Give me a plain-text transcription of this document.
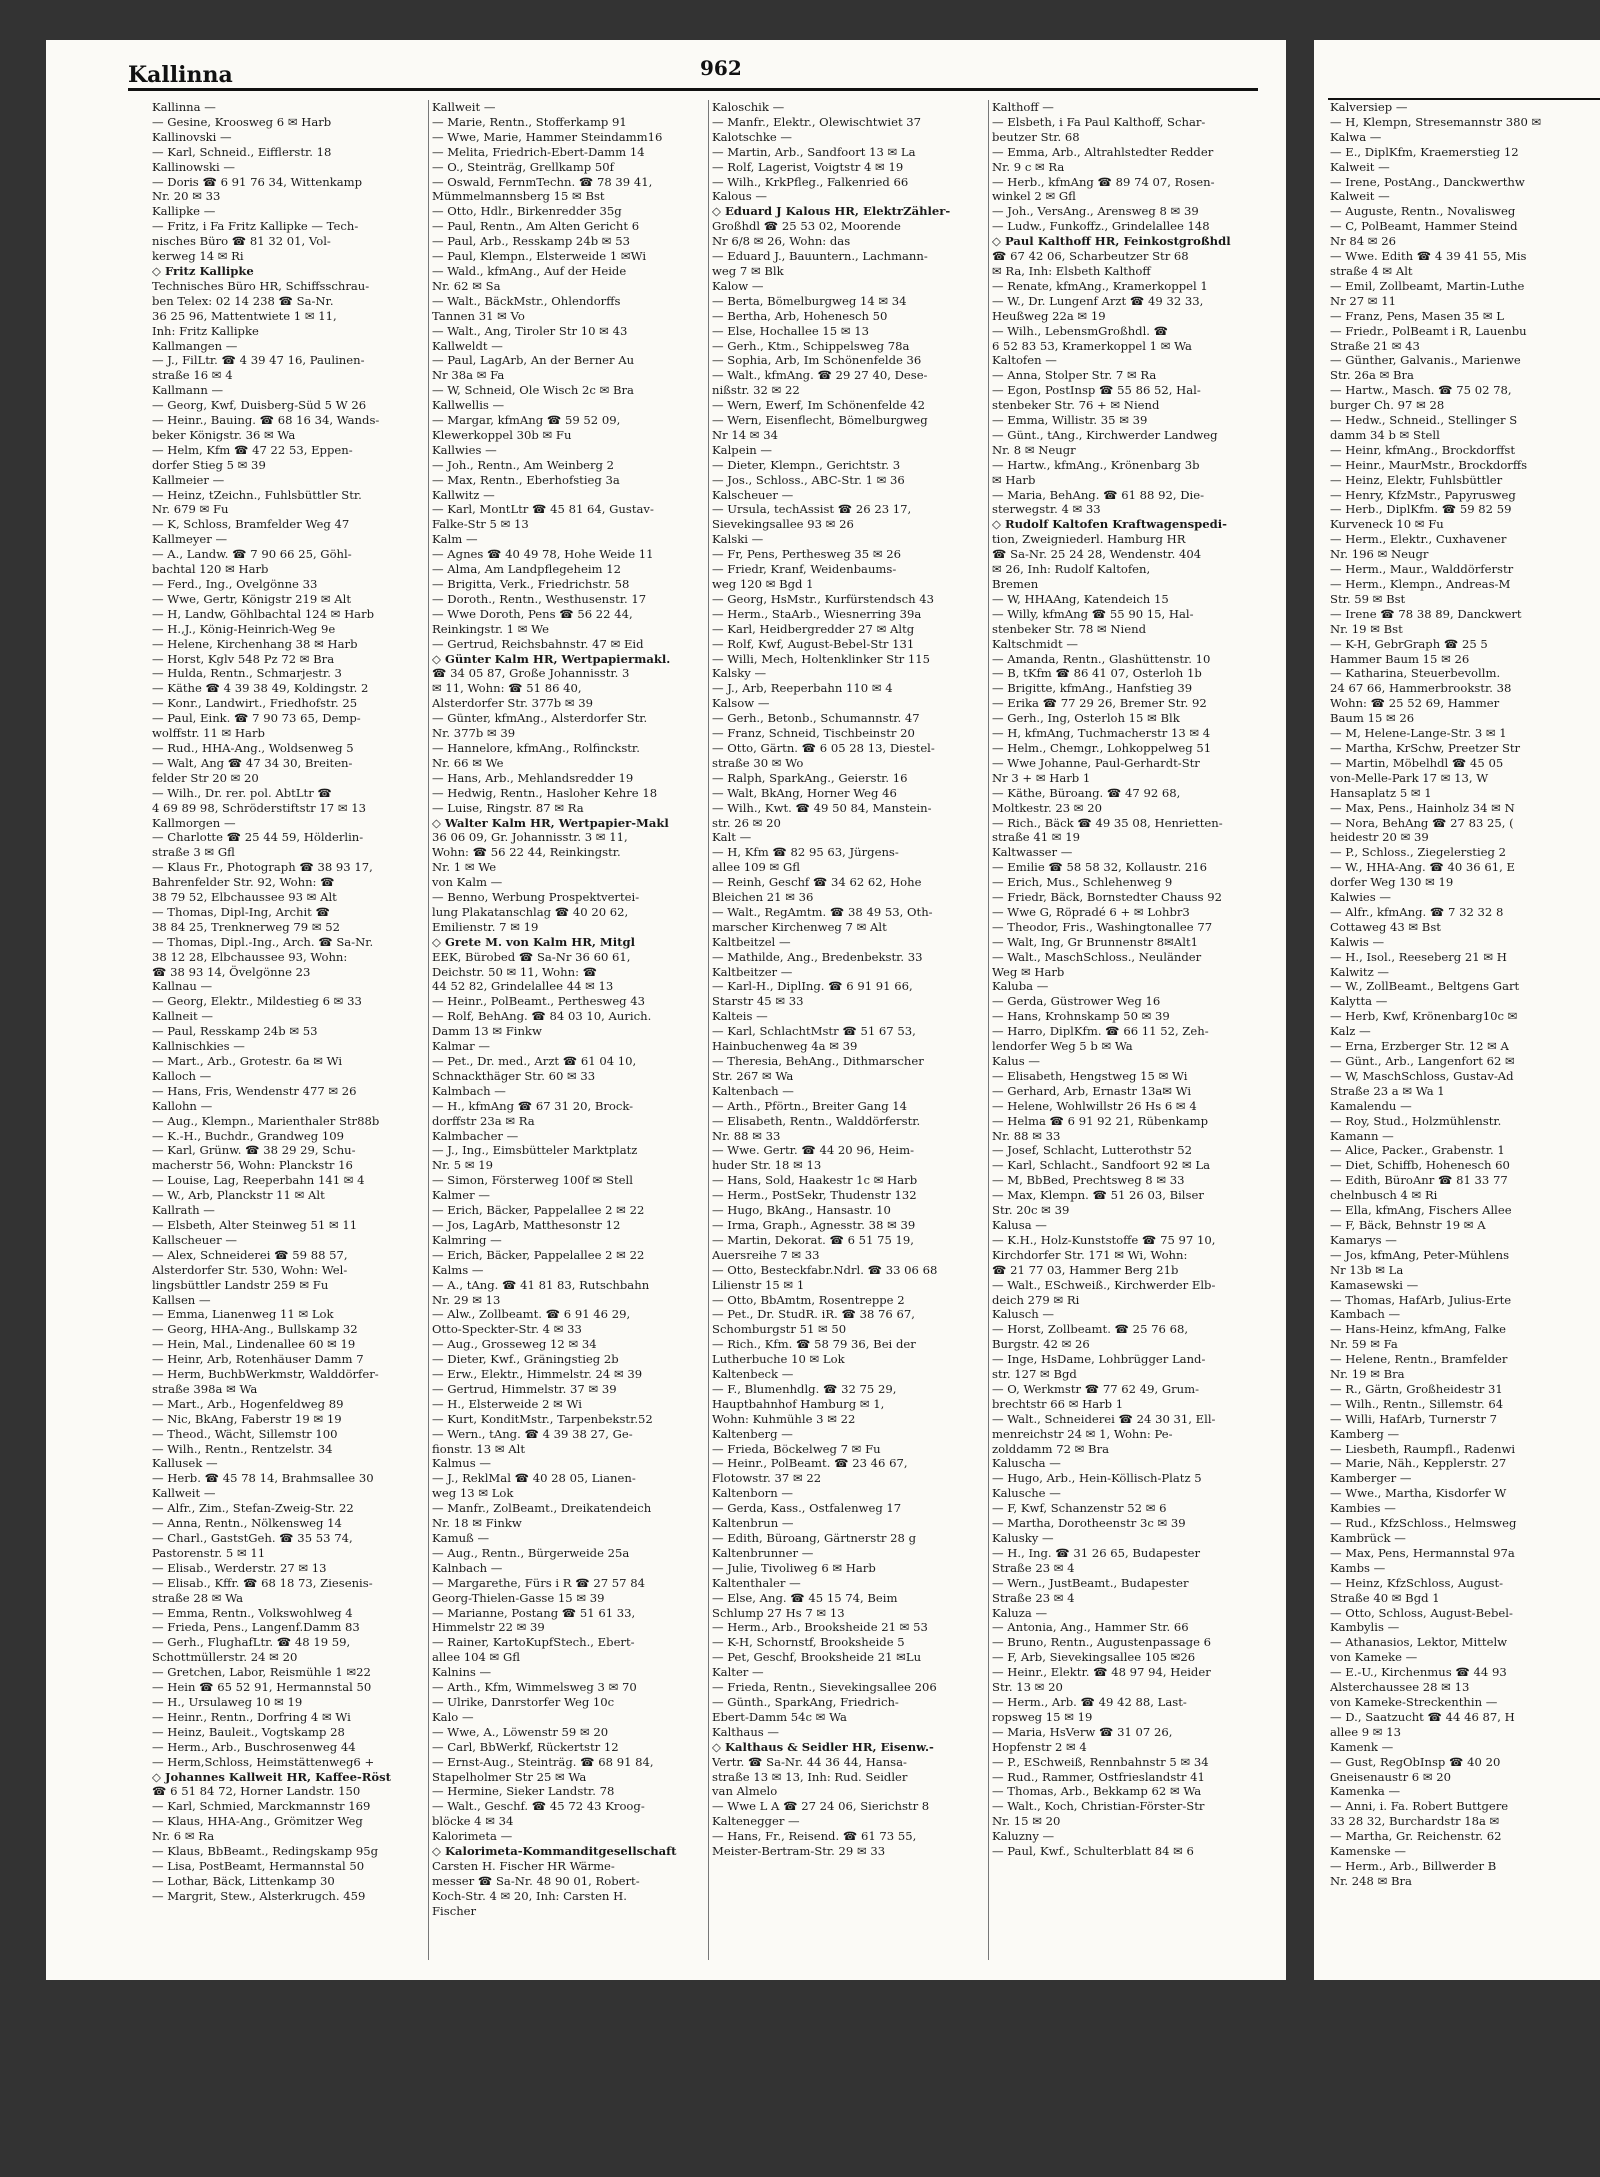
Kallinna	962
Kallinna —
— Gesine, Kroosweg 6 ✉ Harb
Kallinovski —
— Karl, Schneid., Eifflerstr. 18
Kallinowski —
— Doris ☎ 6 91 76 34, Wittenkamp
Nr. 20 ✉ 33
Kallipke —
— Fritz, i Fa Fritz Kallipke — Tech-
nisches Büro ☎ 81 32 01, Vol-
kerweg 14 ✉ Ri
◇ Fritz Kallipke
Technisches Büro HR, Schiffsschrau-
ben Telex: 02 14 238 ☎ Sa-Nr.
36 25 96, Mattentwiete 1 ✉ 11,
Inh: Fritz Kallipke
Kallmangen —
— J., FilLtr. ☎ 4 39 47 16, Paulinen-
straße 16 ✉ 4
Kallmann —
— Georg, Kwf, Duisberg-Süd 5 W 26
— Heinr., Bauing. ☎ 68 16 34, Wands-
beker Königstr. 36 ✉ Wa
— Helm, Kfm ☎ 47 22 53, Eppen-
dorfer Stieg 5 ✉ 39
Kallmeier —
— Heinz, tZeichn., Fuhlsbüttler Str.
Nr. 679 ✉ Fu
— K, Schloss, Bramfelder Weg 47
Kallmeyer —
— A., Landw. ☎ 7 90 66 25, Göhl-
bachtal 120 ✉ Harb
— Ferd., Ing., Ovelgönne 33
— Wwe, Gertr, Königstr 219 ✉ Alt
— H, Landw, Göhlbachtal 124 ✉ Harb
— H.,J., König-Heinrich-Weg 9e
— Helene, Kirchenhang 38 ✉ Harb
— Horst, Kglv 548 Pz 72 ✉ Bra
— Hulda, Rentn., Schmarjestr. 3
— Käthe ☎ 4 39 38 49, Koldingstr. 2
— Konr., Landwirt., Friedhofstr. 25
— Paul, Eink. ☎ 7 90 73 65, Demp-
wolffstr. 11 ✉ Harb
— Rud., HHA-Ang., Woldsenweg 5
— Walt, Ang ☎ 47 34 30, Breiten-
felder Str 20 ✉ 20
— Wilh., Dr. rer. pol. AbtLtr ☎
4 69 89 98, Schröderstiftstr 17 ✉ 13
Kallmorgen —
— Charlotte ☎ 25 44 59, Hölderlin-
straße 3 ✉ Gfl
— Klaus Fr., Photograph ☎ 38 93 17,
Bahrenfelder Str. 92, Wohn: ☎
38 79 52, Elbchaussee 93 ✉ Alt
— Thomas, Dipl-Ing, Archit ☎
38 84 25, Trenknerweg 79 ✉ 52
— Thomas, Dipl.-Ing., Arch. ☎ Sa-Nr.
38 12 28, Elbchaussee 93, Wohn:
☎ 38 93 14, Övelgönne 23
Kallnau —
— Georg, Elektr., Mildestieg 6 ✉ 33
Kallneit —
— Paul, Resskamp 24b ✉ 53
Kallnischkies —
— Mart., Arb., Grotestr. 6a ✉ Wi
Kalloch —
— Hans, Fris, Wendenstr 477 ✉ 26
Kallohn —
— Aug., Klempn., Marienthaler Str88b
— K.-H., Buchdr., Grandweg 109
— Karl, Grünw. ☎ 38 29 29, Schu-
macherstr 56, Wohn: Planckstr 16
— Louise, Lag, Reeperbahn 141 ✉ 4
— W., Arb, Planckstr 11 ✉ Alt
Kallrath —
— Elsbeth, Alter Steinweg 51 ✉ 11
Kallscheuer —
— Alex, Schneiderei ☎ 59 88 57,
Alsterdorfer Str. 530, Wohn: Wel-
lingsbüttler Landstr 259 ✉ Fu
Kallsen —
— Emma, Lianenweg 11 ✉ Lok
— Georg, HHA-Ang., Bullskamp 32
— Hein, Mal., Lindenallee 60 ✉ 19
— Heinr, Arb, Rotenhäuser Damm 7
— Herm, BuchbWerkmstr, Walddörfer-
straße 398a ✉ Wa
— Mart., Arb., Hogenfeldweg 89
— Nic, BkAng, Faberstr 19 ✉ 19
— Theod., Wächt, Sillemstr 100
— Wilh., Rentn., Rentzelstr. 34
Kallusek —
— Herb. ☎ 45 78 14, Brahmsallee 30
Kallweit —
— Alfr., Zim., Stefan-Zweig-Str. 22
— Anna, Rentn., Nölkensweg 14
— Charl., GaststGeh. ☎ 35 53 74,
Pastorenstr. 5 ✉ 11
— Elisab., Werderstr. 27 ✉ 13
— Elisab., Kffr. ☎ 68 18 73, Ziesenis-
straße 28 ✉ Wa
— Emma, Rentn., Volkswohlweg 4
— Frieda, Pens., Langenf.Damm 83
— Gerh., FlughafLtr. ☎ 48 19 59,
Schottmüllerstr. 24 ✉ 20
— Gretchen, Labor, Reismühle 1 ✉22
— Hein ☎ 65 52 91, Hermannstal 50
— H., Ursulaweg 10 ✉ 19
— Heinr., Rentn., Dorfring 4 ✉ Wi
— Heinz, Bauleit., Vogtskamp 28
— Herm., Arb., Buschrosenweg 44
— Herm,Schloss, Heimstättenweg6 +
◇ Johannes Kallweit HR, Kaffee-Röst
☎ 6 51 84 72, Horner Landstr. 150
— Karl, Schmied, Marckmannstr 169
— Klaus, HHA-Ang., Grömitzer Weg
Nr. 6 ✉ Ra
— Klaus, BbBeamt., Redingskamp 95g
— Lisa, PostBeamt, Hermannstal 50
— Lothar, Bäck, Littenkamp 30
— Margrit, Stew., Alsterkrugch. 459
Kallweit —
— Marie, Rentn., Stofferkamp 91
— Wwe, Marie, Hammer Steindamm16
— Melita, Friedrich-Ebert-Damm 14
— O., Steinträg, Grellkamp 50f
— Oswald, FernmTechn. ☎ 78 39 41,
Mümmelmannsberg 15 ✉ Bst
— Otto, Hdlr., Birkenredder 35g
— Paul, Rentn., Am Alten Gericht 6
— Paul, Arb., Resskamp 24b ✉ 53
— Paul, Klempn., Elsterweide 1 ✉Wi
— Wald., kfmAng., Auf der Heide
Nr. 62 ✉ Sa
— Walt., BäckMstr., Ohlendorffs
Tannen 31 ✉ Vo
— Walt., Ang, Tiroler Str 10 ✉ 43
Kallweldt —
— Paul, LagArb, An der Berner Au
Nr 38a ✉ Fa
— W, Schneid, Ole Wisch 2c ✉ Bra
Kallwellis —
— Margar, kfmAng ☎ 59 52 09,
Klewerkoppel 30b ✉ Fu
Kallwies —
— Joh., Rentn., Am Weinberg 2
— Max, Rentn., Eberhofstieg 3a
Kallwitz —
— Karl, MontLtr ☎ 45 81 64, Gustav-
Falke-Str 5 ✉ 13
Kalm —
— Agnes ☎ 40 49 78, Hohe Weide 11
— Alma, Am Landpflegeheim 12
— Brigitta, Verk., Friedrichstr. 58
— Doroth., Rentn., Westhusenstr. 17
— Wwe Doroth, Pens ☎ 56 22 44,
Reinkingstr. 1 ✉ We
— Gertrud, Reichsbahnstr. 47 ✉ Eid
◇ Günter Kalm HR, Wertpapiermakl.
☎ 34 05 87, Große Johannisstr. 3
✉ 11, Wohn: ☎ 51 86 40,
Alsterdorfer Str. 377b ✉ 39
— Günter, kfmAng., Alsterdorfer Str.
Nr. 377b ✉ 39
— Hannelore, kfmAng., Rolfinckstr.
Nr. 66 ✉ We
— Hans, Arb., Mehlandsredder 19
— Hedwig, Rentn., Hasloher Kehre 18
— Luise, Ringstr. 87 ✉ Ra
◇ Walter Kalm HR, Wertpapier-Makl
36 06 09, Gr. Johannisstr. 3 ✉ 11,
Wohn: ☎ 56 22 44, Reinkingstr.
Nr. 1 ✉ We
von Kalm —
— Benno, Werbung Prospektvertei-
lung Plakatanschlag ☎ 40 20 62,
Emilienstr. 7 ✉ 19
◇ Grete M. von Kalm HR, Mitgl
EEK, Bürobed ☎ Sa-Nr 36 60 61,
Deichstr. 50 ✉ 11, Wohn: ☎
44 52 82, Grindelallee 44 ✉ 13
— Heinr., PolBeamt., Perthesweg 43
— Rolf, BehAng. ☎ 84 03 10, Aurich.
Damm 13 ✉ Finkw
Kalmar —
— Pet., Dr. med., Arzt ☎ 61 04 10,
Schnackthäger Str. 60 ✉ 33
Kalmbach —
— H., kfmAng ☎ 67 31 20, Brock-
dorffstr 23a ✉ Ra
Kalmbacher —
— J., Ing., Eimsbütteler Marktplatz
Nr. 5 ✉ 19
— Simon, Försterweg 100f ✉ Stell
Kalmer —
— Erich, Bäcker, Pappelallee 2 ✉ 22
— Jos, LagArb, Matthesonstr 12
Kalmring —
— Erich, Bäcker, Pappelallee 2 ✉ 22
Kalms —
— A., tAng. ☎ 41 81 83, Rutschbahn
Nr. 29 ✉ 13
— Alw., Zollbeamt. ☎ 6 91 46 29,
Otto-Speckter-Str. 4 ✉ 33
— Aug., Grosseweg 12 ✉ 34
— Dieter, Kwf., Gräningstieg 2b
— Erw., Elektr., Himmelstr. 24 ✉ 39
— Gertrud, Himmelstr. 37 ✉ 39
— H., Elsterweide 2 ✉ Wi
— Kurt, KonditMstr., Tarpenbekstr.52
— Wern., tAng. ☎ 4 39 38 27, Ge-
fionstr. 13 ✉ Alt
Kalmus —
— J., ReklMal ☎ 40 28 05, Lianen-
weg 13 ✉ Lok
— Manfr., ZolBeamt., Dreikatendeich
Nr. 18 ✉ Finkw
Kamuß —
— Aug., Rentn., Bürgerweide 25a
Kalnbach —
— Margarethe, Fürs i R ☎ 27 57 84
Georg-Thielen-Gasse 15 ✉ 39
— Marianne, Postang ☎ 51 61 33,
Himmelstr 22 ✉ 39
— Rainer, KartoKupfStech., Ebert-
allee 104 ✉ Gfl
Kalnins —
— Arth., Kfm, Wimmelsweg 3 ✉ 70
— Ulrike, Danrstorfer Weg 10c
Kalo —
— Wwe, A., Löwenstr 59 ✉ 20
— Carl, BbWerkf, Rückertstr 12
— Ernst-Aug., Steinträg. ☎ 68 91 84,
Stapelholmer Str 25 ✉ Wa
— Hermine, Sieker Landstr. 78
— Walt., Geschf. ☎ 45 72 43 Kroog-
blöcke 4 ✉ 34
Kalorimeta —
◇ Kalorimeta-Kommanditgesellschaft
Carsten H. Fischer HR Wärme-
messer ☎ Sa-Nr. 48 90 01, Robert-
Koch-Str. 4 ✉ 20, Inh: Carsten H.
Fischer
Kaloschik —
— Manfr., Elektr., Olewischtwiet 37
Kalotschke —
— Martin, Arb., Sandfoort 13 ✉ La
— Rolf, Lagerist, Voigtstr 4 ✉ 19
— Wilh., KrkPfleg., Falkenried 66
Kalous —
◇ Eduard J Kalous HR, ElektrZähler-
Großhdl ☎ 25 53 02, Moorende
Nr 6/8 ✉ 26, Wohn: das
— Eduard J., Bauuntern., Lachmann-
weg 7 ✉ Blk
Kalow —
— Berta, Bömelburgweg 14 ✉ 34
— Bertha, Arb, Hohenesch 50
— Else, Hochallee 15 ✉ 13
— Gerh., Ktm., Schippelsweg 78a
— Sophia, Arb, Im Schönenfelde 36
— Walt., kfmAng. ☎ 29 27 40, Dese-
nißstr. 32 ✉ 22
— Wern, Ewerf, Im Schönenfelde 42
— Wern, Eisenflecht, Bömelburgweg
Nr 14 ✉ 34
Kalpein —
— Dieter, Klempn., Gerichtstr. 3
— Jos., Schloss., ABC-Str. 1 ✉ 36
Kalscheuer —
— Ursula, techAssist ☎ 26 23 17,
Sievekingsallee 93 ✉ 26
Kalski —
— Fr, Pens, Perthesweg 35 ✉ 26
— Friedr, Kranf, Weidenbaums-
weg 120 ✉ Bgd 1
— Georg, HsMstr., Kurfürstendsch 43
— Herm., StaArb., Wiesnerring 39a
— Karl, Heidbergredder 27 ✉ Altg
— Rolf, Kwf, August-Bebel-Str 131
— Willi, Mech, Holtenklinker Str 115
Kalsky —
— J., Arb, Reeperbahn 110 ✉ 4
Kalsow —
— Gerh., Betonb., Schumannstr. 47
— Franz, Schneid, Tischbeinstr 20
— Otto, Gärtn. ☎ 6 05 28 13, Diestel-
straße 30 ✉ Wo
— Ralph, SparkAng., Geierstr. 16
— Walt, BkAng, Horner Weg 46
— Wilh., Kwt. ☎ 49 50 84, Manstein-
str. 26 ✉ 20
Kalt —
— H, Kfm ☎ 82 95 63, Jürgens-
allee 109 ✉ Gfl
— Reinh, Geschf ☎ 34 62 62, Hohe
Bleichen 21 ✉ 36
— Walt., RegAmtm. ☎ 38 49 53, Oth-
marscher Kirchenweg 7 ✉ Alt
Kaltbeitzel —
— Mathilde, Ang., Bredenbekstr. 33
Kaltbeitzer —
— Karl-H., DiplIng. ☎ 6 91 91 66,
Starstr 45 ✉ 33
Kalteis —
— Karl, SchlachtMstr ☎ 51 67 53,
Hainbuchenweg 4a ✉ 39
— Theresia, BehAng., Dithmarscher
Str. 267 ✉ Wa
Kaltenbach —
— Arth., Pförtn., Breiter Gang 14
— Elisabeth, Rentn., Walddörferstr.
Nr. 88 ✉ 33
— Wwe. Gertr. ☎ 44 20 96, Heim-
huder Str. 18 ✉ 13
— Hans, Sold, Haakestr 1c ✉ Harb
— Herm., PostSekr, Thudenstr 132
— Hugo, BkAng., Hansastr. 10
— Irma, Graph., Agnesstr. 38 ✉ 39
— Martin, Dekorat. ☎ 6 51 75 19,
Auersreihe 7 ✉ 33
— Otto, Besteckfabr.Ndrl. ☎ 33 06 68
Lilienstr 15 ✉ 1
— Otto, BbAmtm, Rosentreppe 2
— Pet., Dr. StudR. iR. ☎ 38 76 67,
Schomburgstr 51 ✉ 50
— Rich., Kfm. ☎ 58 79 36, Bei der
Lutherbuche 10 ✉ Lok
Kaltenbeck —
— F., Blumenhdlg. ☎ 32 75 29,
Hauptbahnhof Hamburg ✉ 1,
Wohn: Kuhmühle 3 ✉ 22
Kaltenberg —
— Frieda, Böckelweg 7 ✉ Fu
— Heinr., PolBeamt. ☎ 23 46 67,
Flotowstr. 37 ✉ 22
Kaltenborn —
— Gerda, Kass., Ostfalenweg 17
Kaltenbrun —
— Edith, Büroang, Gärtnerstr 28 g
Kaltenbrunner —
— Julie, Tivoliweg 6 ✉ Harb
Kaltenthaler —
— Else, Ang. ☎ 45 15 74, Beim
Schlump 27 Hs 7 ✉ 13
— Herm., Arb., Brooksheide 21 ✉ 53
— K-H, Schornstf, Brooksheide 5
— Pet, Geschf, Brooksheide 21 ✉Lu
Kalter —
— Frieda, Rentn., Sievekingsallee 206
— Günth., SparkAng, Friedrich-
Ebert-Damm 54c ✉ Wa
Kalthaus —
◇ Kalthaus & Seidler HR, Eisenw.-
Vertr. ☎ Sa-Nr. 44 36 44, Hansa-
straße 13 ✉ 13, Inh: Rud. Seidler
van Almelo
— Wwe L A ☎ 27 24 06, Sierichstr 8
Kaltenegger —
— Hans, Fr., Reisend. ☎ 61 73 55,
Meister-Bertram-Str. 29 ✉ 33
Kalthoff —
— Elsbeth, i Fa Paul Kalthoff, Schar-
beutzer Str. 68
— Emma, Arb., Altrahlstedter Redder
Nr. 9 c ✉ Ra
— Herb., kfmAng ☎ 89 74 07, Rosen-
winkel 2 ✉ Gfl
— Joh., VersAng., Arensweg 8 ✉ 39
— Ludw., Funkoffz., Grindelallee 148
◇ Paul Kalthoff HR, Feinkostgroßhdl
☎ 67 42 06, Scharbeutzer Str 68
✉ Ra, Inh: Elsbeth Kalthoff
— Renate, kfmAng., Kramerkoppel 1
— W., Dr. Lungenf Arzt ☎ 49 32 33,
Heußweg 22a ✉ 19
— Wilh., LebensmGroßhdl. ☎
6 52 83 53, Kramerkoppel 1 ✉ Wa
Kaltofen —
— Anna, Stolper Str. 7 ✉ Ra
— Egon, PostInsp ☎ 55 86 52, Hal-
stenbeker Str. 76 + ✉ Niend
— Emma, Willistr. 35 ✉ 39
— Günt., tAng., Kirchwerder Landweg
Nr. 8 ✉ Neugr
— Hartw., kfmAng., Krönenbarg 3b
✉ Harb
— Maria, BehAng. ☎ 61 88 92, Die-
sterwegstr. 4 ✉ 33
◇ Rudolf Kaltofen Kraftwagenspedi-
tion, Zweigniederl. Hamburg HR
☎ Sa-Nr. 25 24 28, Wendenstr. 404
✉ 26, Inh: Rudolf Kaltofen,
Bremen
— W, HHAAng, Katendeich 15
— Willy, kfmAng ☎ 55 90 15, Hal-
stenbeker Str. 78 ✉ Niend
Kaltschmidt —
— Amanda, Rentn., Glashüttenstr. 10
— B, tKfm ☎ 86 41 07, Osterloh 1b
— Brigitte, kfmAng., Hanfstieg 39
— Erika ☎ 77 29 26, Bremer Str. 92
— Gerh., Ing, Osterloh 15 ✉ Blk
— H, kfmAng, Tuchmacherstr 13 ✉ 4
— Helm., Chemgr., Lohkoppelweg 51
— Wwe Johanne, Paul-Gerhardt-Str
Nr 3 + ✉ Harb 1
— Käthe, Büroang. ☎ 47 92 68,
Moltkestr. 23 ✉ 20
— Rich., Bäck ☎ 49 35 08, Henrietten-
straße 41 ✉ 19
Kaltwasser —
— Emilie ☎ 58 58 32, Kollaustr. 216
— Erich, Mus., Schlehenweg 9
— Friedr, Bäck, Bornstedter Chauss 92
— Wwe G, Röpradé 6 + ✉ Lohbr3
— Theodor, Fris., Washingtonallee 77
— Walt, Ing, Gr Brunnenstr 8✉Alt1
— Walt., MaschSchloss., Neuländer
Weg ✉ Harb
Kaluba —
— Gerda, Güstrower Weg 16
— Hans, Krohnskamp 50 ✉ 39
— Harro, DiplKfm. ☎ 66 11 52, Zeh-
lendorfer Weg 5 b ✉ Wa
Kalus —
— Elisabeth, Hengstweg 15 ✉ Wi
— Gerhard, Arb, Ernastr 13a✉ Wi
— Helene, Wohlwillstr 26 Hs 6 ✉ 4
— Helma ☎ 6 91 92 21, Rübenkamp
Nr. 88 ✉ 33
— Josef, Schlacht, Lutterothstr 52
— Karl, Schlacht., Sandfoort 92 ✉ La
— M, BbBed, Prechtsweg 8 ✉ 33
— Max, Klempn. ☎ 51 26 03, Bilser
Str. 20c ✉ 39
Kalusa —
— K.H., Holz-Kunststoffe ☎ 75 97 10,
Kirchdorfer Str. 171 ✉ Wi, Wohn:
☎ 21 77 03, Hammer Berg 21b
— Walt., ESchweiß., Kirchwerder Elb-
deich 279 ✉ Ri
Kalusch —
— Horst, Zollbeamt. ☎ 25 76 68,
Burgstr. 42 ✉ 26
— Inge, HsDame, Lohbrügger Land-
str. 127 ✉ Bgd
— O, Werkmstr ☎ 77 62 49, Grum-
brechtstr 66 ✉ Harb 1
— Walt., Schneiderei ☎ 24 30 31, Ell-
menreichstr 24 ✉ 1, Wohn: Pe-
zolddamm 72 ✉ Bra
Kaluscha —
— Hugo, Arb., Hein-Köllisch-Platz 5
Kalusche —
— F, Kwf, Schanzenstr 52 ✉ 6
— Martha, Dorotheenstr 3c ✉ 39
Kalusky —
— H., Ing. ☎ 31 26 65, Budapester
Straße 23 ✉ 4
— Wern., JustBeamt., Budapester
Straße 23 ✉ 4
Kaluza —
— Antonia, Ang., Hammer Str. 66
— Bruno, Rentn., Augustenpassage 6
— F, Arb, Sievekingsallee 105 ✉26
— Heinr., Elektr. ☎ 48 97 94, Heider
Str. 13 ✉ 20
— Herm., Arb. ☎ 49 42 88, Last-
ropsweg 15 ✉ 19
— Maria, HsVerw ☎ 31 07 26,
Hopfenstr 2 ✉ 4
— P., ESchweiß, Rennbahnstr 5 ✉ 34
— Rud., Rammer, Ostfrieslandstr 41
— Thomas, Arb., Bekkamp 62 ✉ Wa
— Walt., Koch, Christian-Förster-Str
Nr. 15 ✉ 20
Kaluzny —
— Paul, Kwf., Schulterblatt 84 ✉ 6
Kalversiep —
— H, Klempn, Stresemannstr 380 ✉
Kalwa —
— E., DiplKfm, Kraemerstieg 12
Kalweit —
— Irene, PostAng., Danckwerthw
Kalweit —
— Auguste, Rentn., Novalisweg
— C, PolBeamt, Hammer Steind
Nr 84 ✉ 26
— Wwe. Edith ☎ 4 39 41 55, Mis
straße 4 ✉ Alt
— Emil, Zollbeamt, Martin-Luthe
Nr 27 ✉ 11
— Franz, Pens, Masen 35 ✉ L
— Friedr., PolBeamt i R, Lauenbu
Straße 21 ✉ 43
— Günther, Galvanis., Marienwe
Str. 26a ✉ Bra
— Hartw., Masch. ☎ 75 02 78,
burger Ch. 97 ✉ 28
— Hedw., Schneid., Stellinger S
damm 34 b ✉ Stell
— Heinr, kfmAng., Brockdorffst
— Heinr., MaurMstr., Brockdorffs
— Heinz, Elektr, Fuhlsbüttler
— Henry, KfzMstr., Papyrusweg
— Herb., DiplKfm. ☎ 59 82 59
Kurveneck 10 ✉ Fu
— Herm., Elektr., Cuxhavener
Nr. 196 ✉ Neugr
— Herm., Maur., Walddörferstr
— Herm., Klempn., Andreas-M
Str. 59 ✉ Bst
— Irene ☎ 78 38 89, Danckwert
Nr. 19 ✉ Bst
— K-H, GebrGraph ☎ 25 5
Hammer Baum 15 ✉ 26
— Katharina, Steuerbevollm.
24 67 66, Hammerbrookstr. 38
Wohn: ☎ 25 52 69, Hammer
Baum 15 ✉ 26
— M, Helene-Lange-Str. 3 ✉ 1
— Martha, KrSchw, Preetzer Str
— Martin, Möbelhdl ☎ 45 05
von-Melle-Park 17 ✉ 13, W
Hansaplatz 5 ✉ 1
— Max, Pens., Hainholz 34 ✉ N
— Nora, BehAng ☎ 27 83 25, (
heidestr 20 ✉ 39
— P., Schloss., Ziegelerstieg 2
— W., HHA-Ang. ☎ 40 36 61, E
dorfer Weg 130 ✉ 19
Kalwies —
— Alfr., kfmAng. ☎ 7 32 32 8
Cottaweg 43 ✉ Bst
Kalwis —
— H., Isol., Reeseberg 21 ✉ H
Kalwitz —
— W., ZollBeamt., Beltgens Gart
Kalytta —
— Herb, Kwf, Krönenbarg10c ✉
Kalz —
— Erna, Erzberger Str. 12 ✉ A
— Günt., Arb., Langenfort 62 ✉
— W, MaschSchloss, Gustav-Ad
Straße 23 a ✉ Wa 1
Kamalendu —
— Roy, Stud., Holzmühlenstr.
Kamann —
— Alice, Packer., Grabenstr. 1
— Diet, Schiffb, Hohenesch 60
— Edith, BüroAnr ☎ 81 33 77
chelnbusch 4 ✉ Ri
— Ella, kfmAng, Fischers Allee
— F, Bäck, Behnstr 19 ✉ A
Kamarys —
— Jos, kfmAng, Peter-Mühlens
Nr 13b ✉ La
Kamasewski —
— Thomas, HafArb, Julius-Erte
Kambach —
— Hans-Heinz, kfmAng, Falke
Nr. 59 ✉ Fa
— Helene, Rentn., Bramfelder
Nr. 19 ✉ Bra
— R., Gärtn, Großheidestr 31
— Wilh., Rentn., Sillemstr. 64
— Willi, HafArb, Turnerstr 7
Kamberg —
— Liesbeth, Raumpfl., Radenwi
— Marie, Näh., Kepplerstr. 27
Kamberger —
— Wwe., Martha, Kisdorfer W
Kambies —
— Rud., KfzSchloss., Helmsweg
Kambrück —
— Max, Pens, Hermannstal 97a
Kambs —
— Heinz, KfzSchloss, August-
Straße 40 ✉ Bgd 1
— Otto, Schloss, August-Bebel-
Kambylis —
— Athanasios, Lektor, Mittelw
von Kameke —
— E.-U., Kirchenmus ☎ 44 93
Alsterchaussee 28 ✉ 13
von Kameke-Streckenthin —
— D., Saatzucht ☎ 44 46 87, H
allee 9 ✉ 13
Kamenk —
— Gust, RegObInsp ☎ 40 20
Gneisenaustr 6 ✉ 20
Kamenka —
— Anni, i. Fa. Robert Buttgere
33 28 32, Burchardstr 18a ✉
— Martha, Gr. Reichenstr. 62
Kamenske —
— Herm., Arb., Billwerder B
Nr. 248 ✉ Bra
